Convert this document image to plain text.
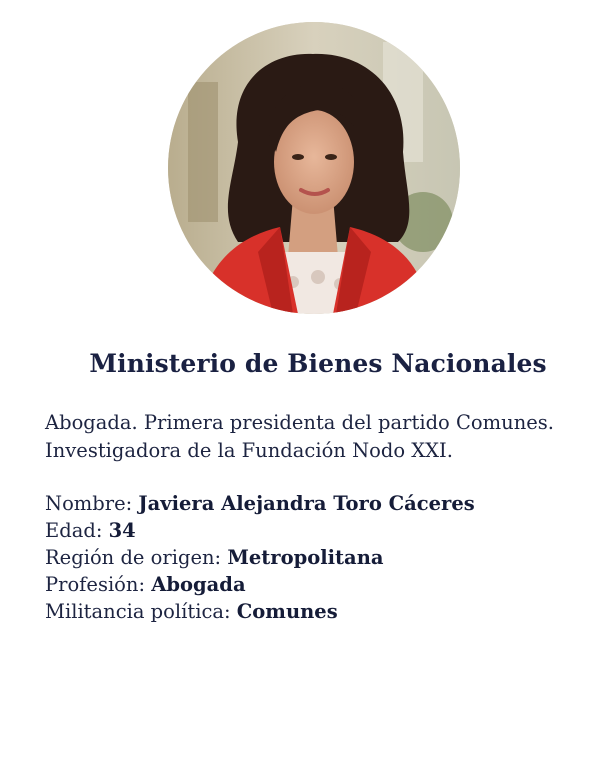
Ministerio de Bienes Nacionales
Abogada. Primera presidenta del partido Comunes.
Investigadora de la Fundación Nodo XXI.
Nombre: Javiera Alejandra Toro Cáceres
Edad: 34
Región de origen: Metropolitana
Profesión: Abogada
Militancia política: Comunes
